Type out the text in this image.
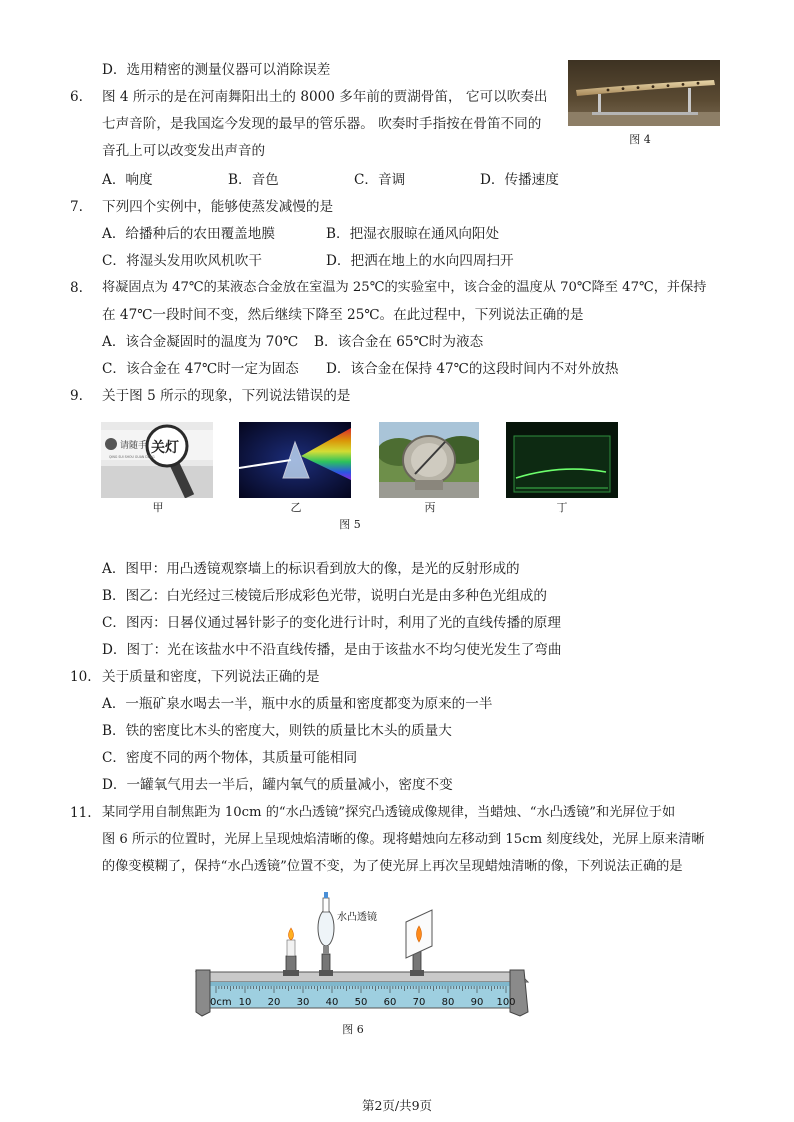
D．选用精密的测量仪器可以消除误差
6. 图 4 所示的是在河南舞阳出土的 8000 多年前的贾湖骨笛， 它可以吹奏出
七声音阶，是我国迄今发现的最早的管乐器。 吹奏时手指按在骨笛不同的
音孔上可以改变发出声音的
图 4
A．响度	B．音色	C．音调	D．传播速度
7. 下列四个实例中，能够使蒸发减慢的是
A．给播种后的农田覆盖地膜	B．把湿衣服晾在通风向阳处
C．将湿头发用吹风机吹干	D．把洒在地上的水向四周扫开
8. 将凝固点为 47℃的某液态合金放在室温为 25℃的实验室中，该合金的温度从 70℃降至 47℃，并保持
在 47℃一段时间不变，然后继续下降至 25℃。在此过程中，下列说法正确的是
A．该合金凝固时的温度为 70℃ B．该合金在 65℃时为液态
C．该合金在 47℃时一定为固态 D．该合金在保持 47℃的这段时间内不对外放热
9. 关于图 5 所示的现象，下列说法错误的是
请随手 关灯
QING SUI SHOU GUAN DENG
甲	乙	丙	丁
图 5
A．图甲：用凸透镜观察墙上的标识看到放大的像，是光的反射形成的
B．图乙：白光经过三棱镜后形成彩色光带，说明白光是由多种色光组成的
C．图丙：日晷仪通过晷针影子的变化进行计时，利用了光的直线传播的原理
D．图丁：光在该盐水中不沿直线传播，是由于该盐水不均匀使光发生了弯曲
10. 关于质量和密度，下列说法正确的是
A．一瓶矿泉水喝去一半，瓶中水的质量和密度都变为原来的一半
B．铁的密度比木头的密度大，则铁的质量比木头的质量大
C．密度不同的两个物体，其质量可能相同
D．一罐氧气用去一半后，罐内氧气的质量减小，密度不变
11. 某同学用自制焦距为 10cm 的“水凸透镜”探究凸透镜成像规律，当蜡烛、“水凸透镜”和光屏位于如
图 6 所示的位置时，光屏上呈现烛焰清晰的像。现将蜡烛向左移动到 15cm 刻度线处，光屏上原来清晰
的像变模糊了，保持“水凸透镜”位置不变，为了使光屏上再次呈现蜡烛清晰的像，下列说法正确的是
0cm 10 20 30 40 50 60 70 80 90 100
水凸透镜
图 6
第2页/共9页
